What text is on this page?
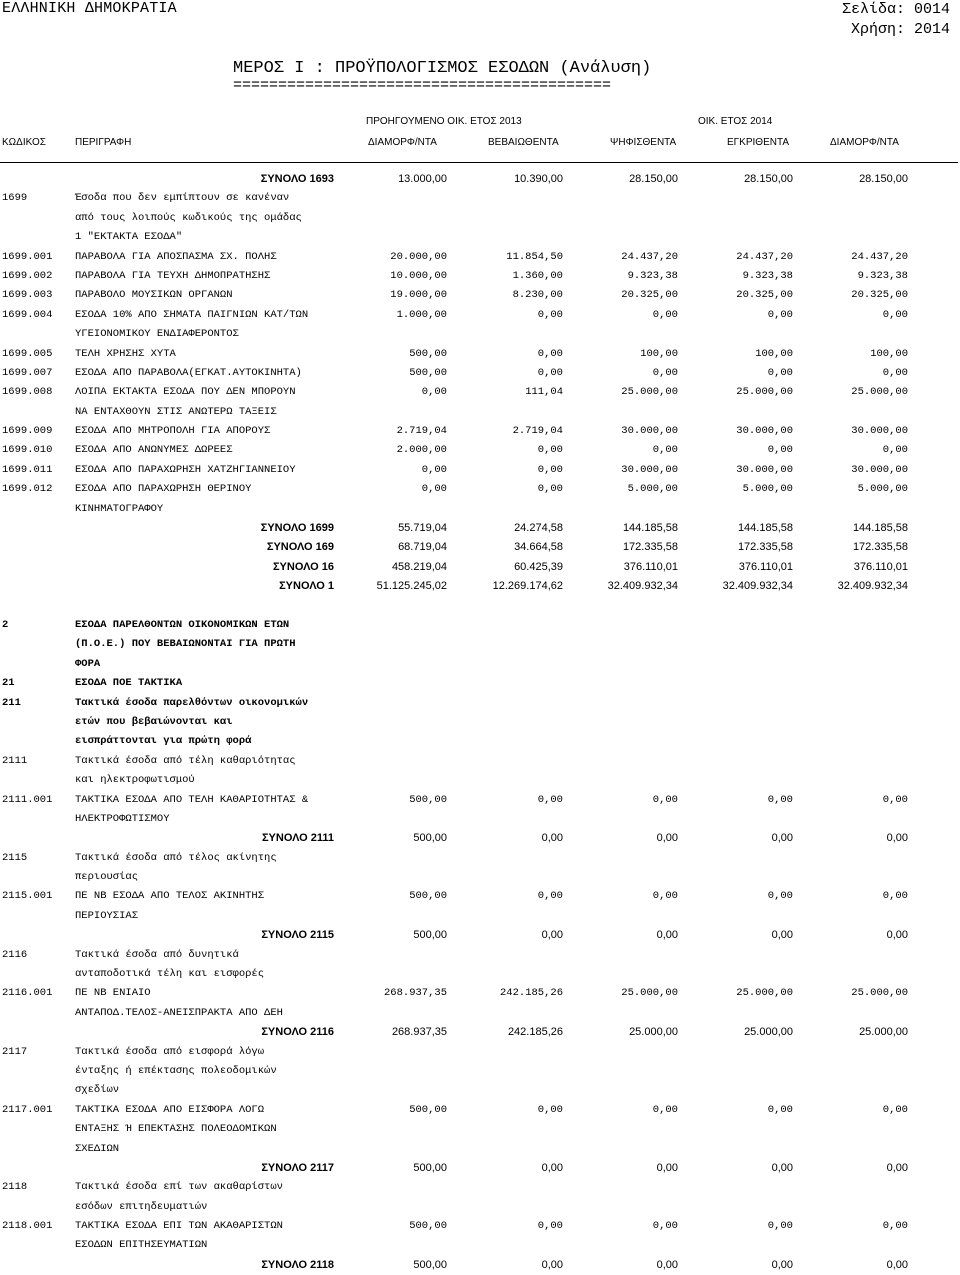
ΕΛΛΗΝΙΚΗ ΔΗΜΟΚΡΑΤΙΑ	Σελίδα: 0014
Χρήση: 2014
ΜΕΡΟΣ Ι : ΠΡΟΫΠΟΛΟΓΙΣΜΟΣ ΕΣΟΔΩΝ (Ανάλυση)
==========================================
ΠΡΟΗΓΟΥΜΕΝΟ ΟΙΚ. ΕΤΟΣ 2013	ΟΙΚ. ΕΤΟΣ 2014
ΚΩΔΙΚΟΣ	ΠΕΡΙΓΡΑΦΗ	ΔΙΑΜΟΡΦ/ΝΤΑ	ΒΕΒΑΙΩΘΕΝΤΑ	ΨΗΦΙΣΘΕΝΤΑ	ΕΓΚΡΙΘΕΝΤΑ	ΔΙΑΜΟΡΦ/ΝΤΑ
ΣΥΝΟΛΟ 1693	13.000,00	10.390,00	28.150,00	28.150,00	28.150,00
1699	Έσοδα που δεν εμπίπτουν σε κανέναν
από τους λοιπούς κωδικούς της ομάδας
1 "ΕΚΤΑΚΤΑ ΕΣΟΔΑ"
1699.001 ΠΑΡΑΒΟΛΑ ΓΙΑ ΑΠΟΣΠΑΣΜΑ ΣΧ. ΠΟΛΗΣ	20.000,00	11.854,50	24.437,20	24.437,20	24.437,20
1699.002 ΠΑΡΑΒΟΛΑ ΓΙΑ ΤΕΥΧΗ ΔΗΜΟΠΡΑΤΗΣΗΣ	10.000,00	1.360,00	9.323,38	9.323,38	9.323,38
1699.003 ΠΑΡΑΒΟΛΟ ΜΟΥΣΙΚΩΝ ΟΡΓΑΝΩΝ	19.000,00	8.230,00	20.325,00	20.325,00	20.325,00
1699.004 ΕΣΟΔΑ 10% ΑΠΟ ΣΗΜΑΤΑ ΠΑΙΓΝΙΩΝ ΚΑΤ/ΤΩΝ	1.000,00	0,00	0,00	0,00	0,00
ΥΓΕΙΟΝΟΜΙΚΟΥ ΕΝΔΙΑΦΕΡΟΝΤΟΣ
1699.005 ΤΕΛΗ ΧΡΗΣΗΣ ΧΥΤΑ	500,00	0,00	100,00	100,00	100,00
1699.007 ΕΣΟΔΑ ΑΠΟ ΠΑΡΑΒΟΛΑ(ΕΓΚΑΤ.ΑΥΤΟΚΙΝΗΤΑ)	500,00	0,00	0,00	0,00	0,00
1699.008 ΛΟΙΠΑ ΕΚΤΑΚΤΑ ΕΣΟΔΑ ΠΟΥ ΔΕΝ ΜΠΟΡΟΥΝ	0,00	111,04	25.000,00	25.000,00	25.000,00
ΝΑ ΕΝΤΑΧΘΟΥΝ ΣΤΙΣ ΑΝΩΤΕΡΩ ΤΑΞΕΙΣ
1699.009 ΕΣΟΔΑ ΑΠΟ ΜΗΤΡΟΠΟΛΗ ΓΙΑ ΑΠΟΡΟΥΣ	2.719,04	2.719,04	30.000,00	30.000,00	30.000,00
1699.010 ΕΣΟΔΑ ΑΠΟ ΑΝΩΝΥΜΕΣ ΔΩΡΕΕΣ	2.000,00	0,00	0,00	0,00	0,00
1699.011 ΕΣΟΔΑ ΑΠΟ ΠΑΡΑΧΩΡΗΣΗ ΧΑΤΖΗΓΙΑΝΝΕΙΟΥ	0,00	0,00	30.000,00	30.000,00	30.000,00
1699.012 ΕΣΟΔΑ ΑΠΟ ΠΑΡΑΧΩΡΗΣΗ ΘΕΡΙΝΟΥ	0,00	0,00	5.000,00	5.000,00	5.000,00
ΚΙΝΗΜΑΤΟΓΡΑΦΟΥ
ΣΥΝΟΛΟ 1699	55.719,04	24.274,58	144.185,58	144.185,58	144.185,58
ΣΥΝΟΛΟ 169	68.719,04	34.664,58	172.335,58	172.335,58	172.335,58
ΣΥΝΟΛΟ 16	458.219,04	60.425,39	376.110,01	376.110,01	376.110,01
ΣΥΝΟΛΟ 1	51.125.245,02	12.269.174,62	32.409.932,34	32.409.932,34	32.409.932,34
2	ΕΣΟΔΑ ΠΑΡΕΛΘΟΝΤΩΝ ΟΙΚΟΝΟΜΙΚΩΝ ΕΤΩΝ
(Π.Ο.Ε.) ΠΟΥ ΒΕΒΑΙΩΝΟΝΤΑΙ ΓΙΑ ΠΡΩΤΗ
ΦΟΡΑ
21	ΕΣΟΔΑ ΠΟΕ ΤΑΚΤΙΚΑ
211	Τακτικά έσοδα παρελθόντων οικονομικών
ετών που βεβαιώνονται και
εισπράττονται για πρώτη φορά
2111	Τακτικά έσοδα από τέλη καθαριότητας
και ηλεκτροφωτισμού
2111.001 ΤΑΚΤΙΚΑ ΕΣΟΔΑ ΑΠΟ ΤΕΛΗ ΚΑΘΑΡΙΟΤΗΤΑΣ &	500,00	0,00	0,00	0,00	0,00
ΗΛΕΚΤΡΟΦΩΤΙΣΜΟΥ
ΣΥΝΟΛΟ 2111	500,00	0,00	0,00	0,00	0,00
2115	Τακτικά έσοδα από τέλος ακίνητης
περιουσίας
2115.001 ΠΕ ΝΒ ΕΣΟΔΑ ΑΠΟ ΤΕΛΟΣ ΑΚΙΝΗΤΗΣ	500,00	0,00	0,00	0,00	0,00
ΠΕΡΙΟΥΣΙΑΣ
ΣΥΝΟΛΟ 2115	500,00	0,00	0,00	0,00	0,00
2116	Τακτικά έσοδα από δυνητικά
ανταποδοτικά τέλη και εισφορές
2116.001 ΠΕ ΝΒ ΕΝΙΑΙΟ	268.937,35	242.185,26	25.000,00	25.000,00	25.000,00
ΑΝΤΑΠΟΔ.ΤΕΛΟΣ-ΑΝΕΙΣΠΡΑΚΤΑ ΑΠΟ ΔΕΗ
ΣΥΝΟΛΟ 2116	268.937,35	242.185,26	25.000,00	25.000,00	25.000,00
2117	Τακτικά έσοδα από εισφορά λόγω
ένταξης ή επέκτασης πολεοδομικών
σχεδίων
2117.001 ΤΑΚΤΙΚΑ ΕΣΟΔΑ ΑΠΟ ΕΙΣΦΟΡΑ ΛΟΓΩ	500,00	0,00	0,00	0,00	0,00
ΕΝΤΑΞΗΣ Ή ΕΠΕΚΤΑΣΗΣ ΠΟΛΕΟΔΟΜΙΚΩΝ
ΣΧΕΔΙΩΝ
ΣΥΝΟΛΟ 2117	500,00	0,00	0,00	0,00	0,00
2118	Τακτικά έσοδα επί των ακαθαρίστων
εσόδων επιτηδευματιών
2118.001 ΤΑΚΤΙΚΑ ΕΣΟΔΑ ΕΠΙ ΤΩΝ ΑΚΑΘΑΡΙΣΤΩΝ	500,00	0,00	0,00	0,00	0,00
ΕΣΟΔΩΝ ΕΠΙΤΗΣΕΥΜΑΤΙΩΝ
ΣΥΝΟΛΟ 2118	500,00	0,00	0,00	0,00	0,00
